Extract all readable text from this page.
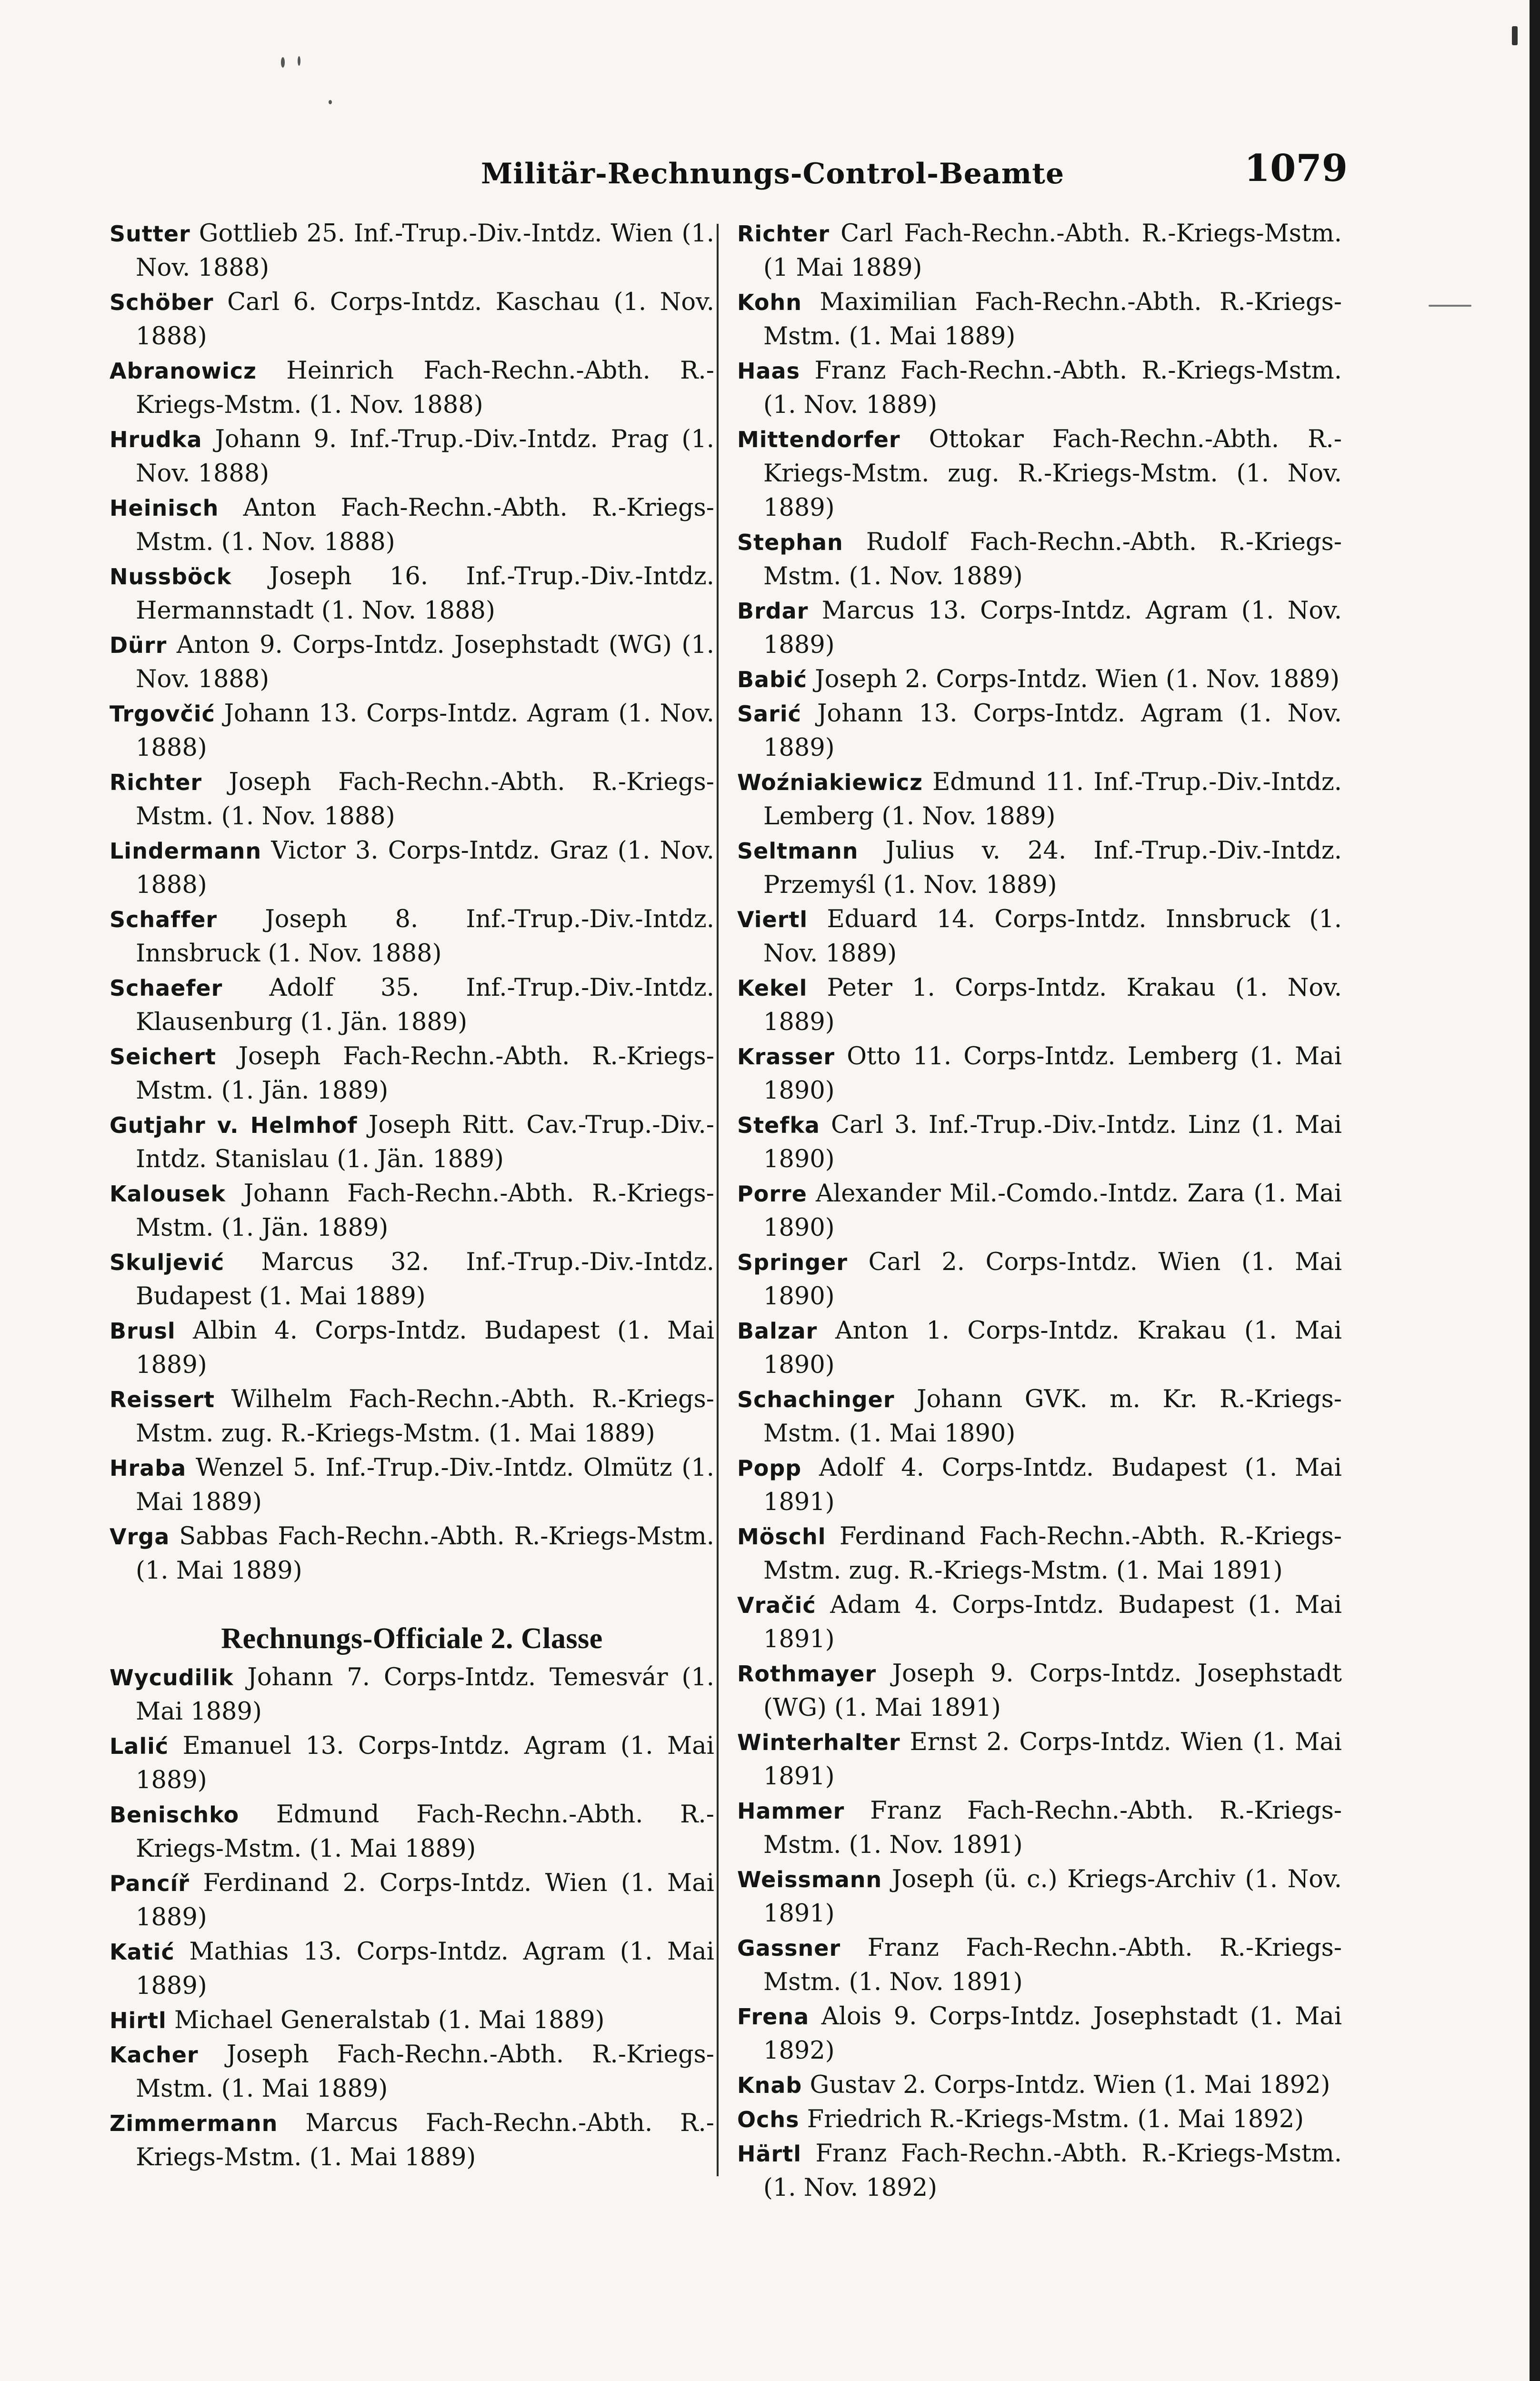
Militär-Rechnungs-Control-Beamte	1079
Sutter Gottlieb 25. Inf.-Trup.-Div.-Intdz. Wien (1. Nov. 1888)
Schöber Carl 6. Corps-Intdz. Kaschau (1. Nov. 1888)
Abranowicz Heinrich Fach-Rechn.-Abth. R.-Kriegs-Mstm. (1. Nov. 1888)
Hrudka Johann 9. Inf.-Trup.-Div.-Intdz. Prag (1. Nov. 1888)
Heinisch Anton Fach-Rechn.-Abth. R.-Kriegs-Mstm. (1. Nov. 1888)
Nussböck Joseph 16. Inf.-Trup.-Div.-Intdz. Hermannstadt (1. Nov. 1888)
Dürr Anton 9. Corps-Intdz. Josephstadt (WG) (1. Nov. 1888)
Trgovčić Johann 13. Corps-Intdz. Agram (1. Nov. 1888)
Richter Joseph Fach-Rechn.-Abth. R.-Kriegs-Mstm. (1. Nov. 1888)
Lindermann Victor 3. Corps-Intdz. Graz (1. Nov. 1888)
Schaffer Joseph 8. Inf.-Trup.-Div.-Intdz. Innsbruck (1. Nov. 1888)
Schaefer Adolf 35. Inf.-Trup.-Div.-Intdz. Klausenburg (1. Jän. 1889)
Seichert Joseph Fach-Rechn.-Abth. R.-Kriegs-Mstm. (1. Jän. 1889)
Gutjahr v. Helmhof Joseph Ritt. Cav.-Trup.-Div.-Intdz. Stanislau (1. Jän. 1889)
Kalousek Johann Fach-Rechn.-Abth. R.-Kriegs-Mstm. (1. Jän. 1889)
Skuljević Marcus 32. Inf.-Trup.-Div.-Intdz. Budapest (1. Mai 1889)
Brusl Albin 4. Corps-Intdz. Budapest (1. Mai 1889)
Reissert Wilhelm Fach-Rechn.-Abth. R.-Kriegs-Mstm. zug. R.-Kriegs-Mstm. (1. Mai 1889)
Hraba Wenzel 5. Inf.-Trup.-Div.-Intdz. Olmütz (1. Mai 1889)
Vrga Sabbas Fach-Rechn.-Abth. R.-Kriegs-Mstm. (1. Mai 1889)
Rechnungs-Officiale 2. Classe
Wycudilik Johann 7. Corps-Intdz. Temesvár (1. Mai 1889)
Lalić Emanuel 13. Corps-Intdz. Agram (1. Mai 1889)
Benischko Edmund Fach-Rechn.-Abth. R.-Kriegs-Mstm. (1. Mai 1889)
Pancíř Ferdinand 2. Corps-Intdz. Wien (1. Mai 1889)
Katić Mathias 13. Corps-Intdz. Agram (1. Mai 1889)
Hirtl Michael Generalstab (1. Mai 1889)
Kacher Joseph Fach-Rechn.-Abth. R.-Kriegs-Mstm. (1. Mai 1889)
Zimmermann Marcus Fach-Rechn.-Abth. R.-Kriegs-Mstm. (1. Mai 1889)
Richter Carl Fach-Rechn.-Abth. R.-Kriegs-Mstm. (1 Mai 1889)
Kohn Maximilian Fach-Rechn.-Abth. R.-Kriegs-Mstm. (1. Mai 1889)
Haas Franz Fach-Rechn.-Abth. R.-Kriegs-Mstm. (1. Nov. 1889)
Mittendorfer Ottokar Fach-Rechn.-Abth. R.-Kriegs-Mstm. zug. R.-Kriegs-Mstm. (1. Nov. 1889)
Stephan Rudolf Fach-Rechn.-Abth. R.-Kriegs-Mstm. (1. Nov. 1889)
Brdar Marcus 13. Corps-Intdz. Agram (1. Nov. 1889)
Babić Joseph 2. Corps-Intdz. Wien (1. Nov. 1889)
Sarić Johann 13. Corps-Intdz. Agram (1. Nov. 1889)
Woźniakiewicz Edmund 11. Inf.-Trup.-Div.-Intdz. Lemberg (1. Nov. 1889)
Seltmann Julius v. 24. Inf.-Trup.-Div.-Intdz. Przemyśl (1. Nov. 1889)
Viertl Eduard 14. Corps-Intdz. Innsbruck (1. Nov. 1889)
Kekel Peter 1. Corps-Intdz. Krakau (1. Nov. 1889)
Krasser Otto 11. Corps-Intdz. Lemberg (1. Mai 1890)
Stefka Carl 3. Inf.-Trup.-Div.-Intdz. Linz (1. Mai 1890)
Porre Alexander Mil.-Comdo.-Intdz. Zara (1. Mai 1890)
Springer Carl 2. Corps-Intdz. Wien (1. Mai 1890)
Balzar Anton 1. Corps-Intdz. Krakau (1. Mai 1890)
Schachinger Johann GVK. m. Kr. R.-Kriegs-Mstm. (1. Mai 1890)
Popp Adolf 4. Corps-Intdz. Budapest (1. Mai 1891)
Möschl Ferdinand Fach-Rechn.-Abth. R.-Kriegs-Mstm. zug. R.-Kriegs-Mstm. (1. Mai 1891)
Vračić Adam 4. Corps-Intdz. Budapest (1. Mai 1891)
Rothmayer Joseph 9. Corps-Intdz. Josephstadt (WG) (1. Mai 1891)
Winterhalter Ernst 2. Corps-Intdz. Wien (1. Mai 1891)
Hammer Franz Fach-Rechn.-Abth. R.-Kriegs-Mstm. (1. Nov. 1891)
Weissmann Joseph (ü. c.) Kriegs-Archiv (1. Nov. 1891)
Gassner Franz Fach-Rechn.-Abth. R.-Kriegs-Mstm. (1. Nov. 1891)
Frena Alois 9. Corps-Intdz. Josephstadt (1. Mai 1892)
Knab Gustav 2. Corps-Intdz. Wien (1. Mai 1892)
Ochs Friedrich R.-Kriegs-Mstm. (1. Mai 1892)
Härtl Franz Fach-Rechn.-Abth. R.-Kriegs-Mstm. (1. Nov. 1892)
